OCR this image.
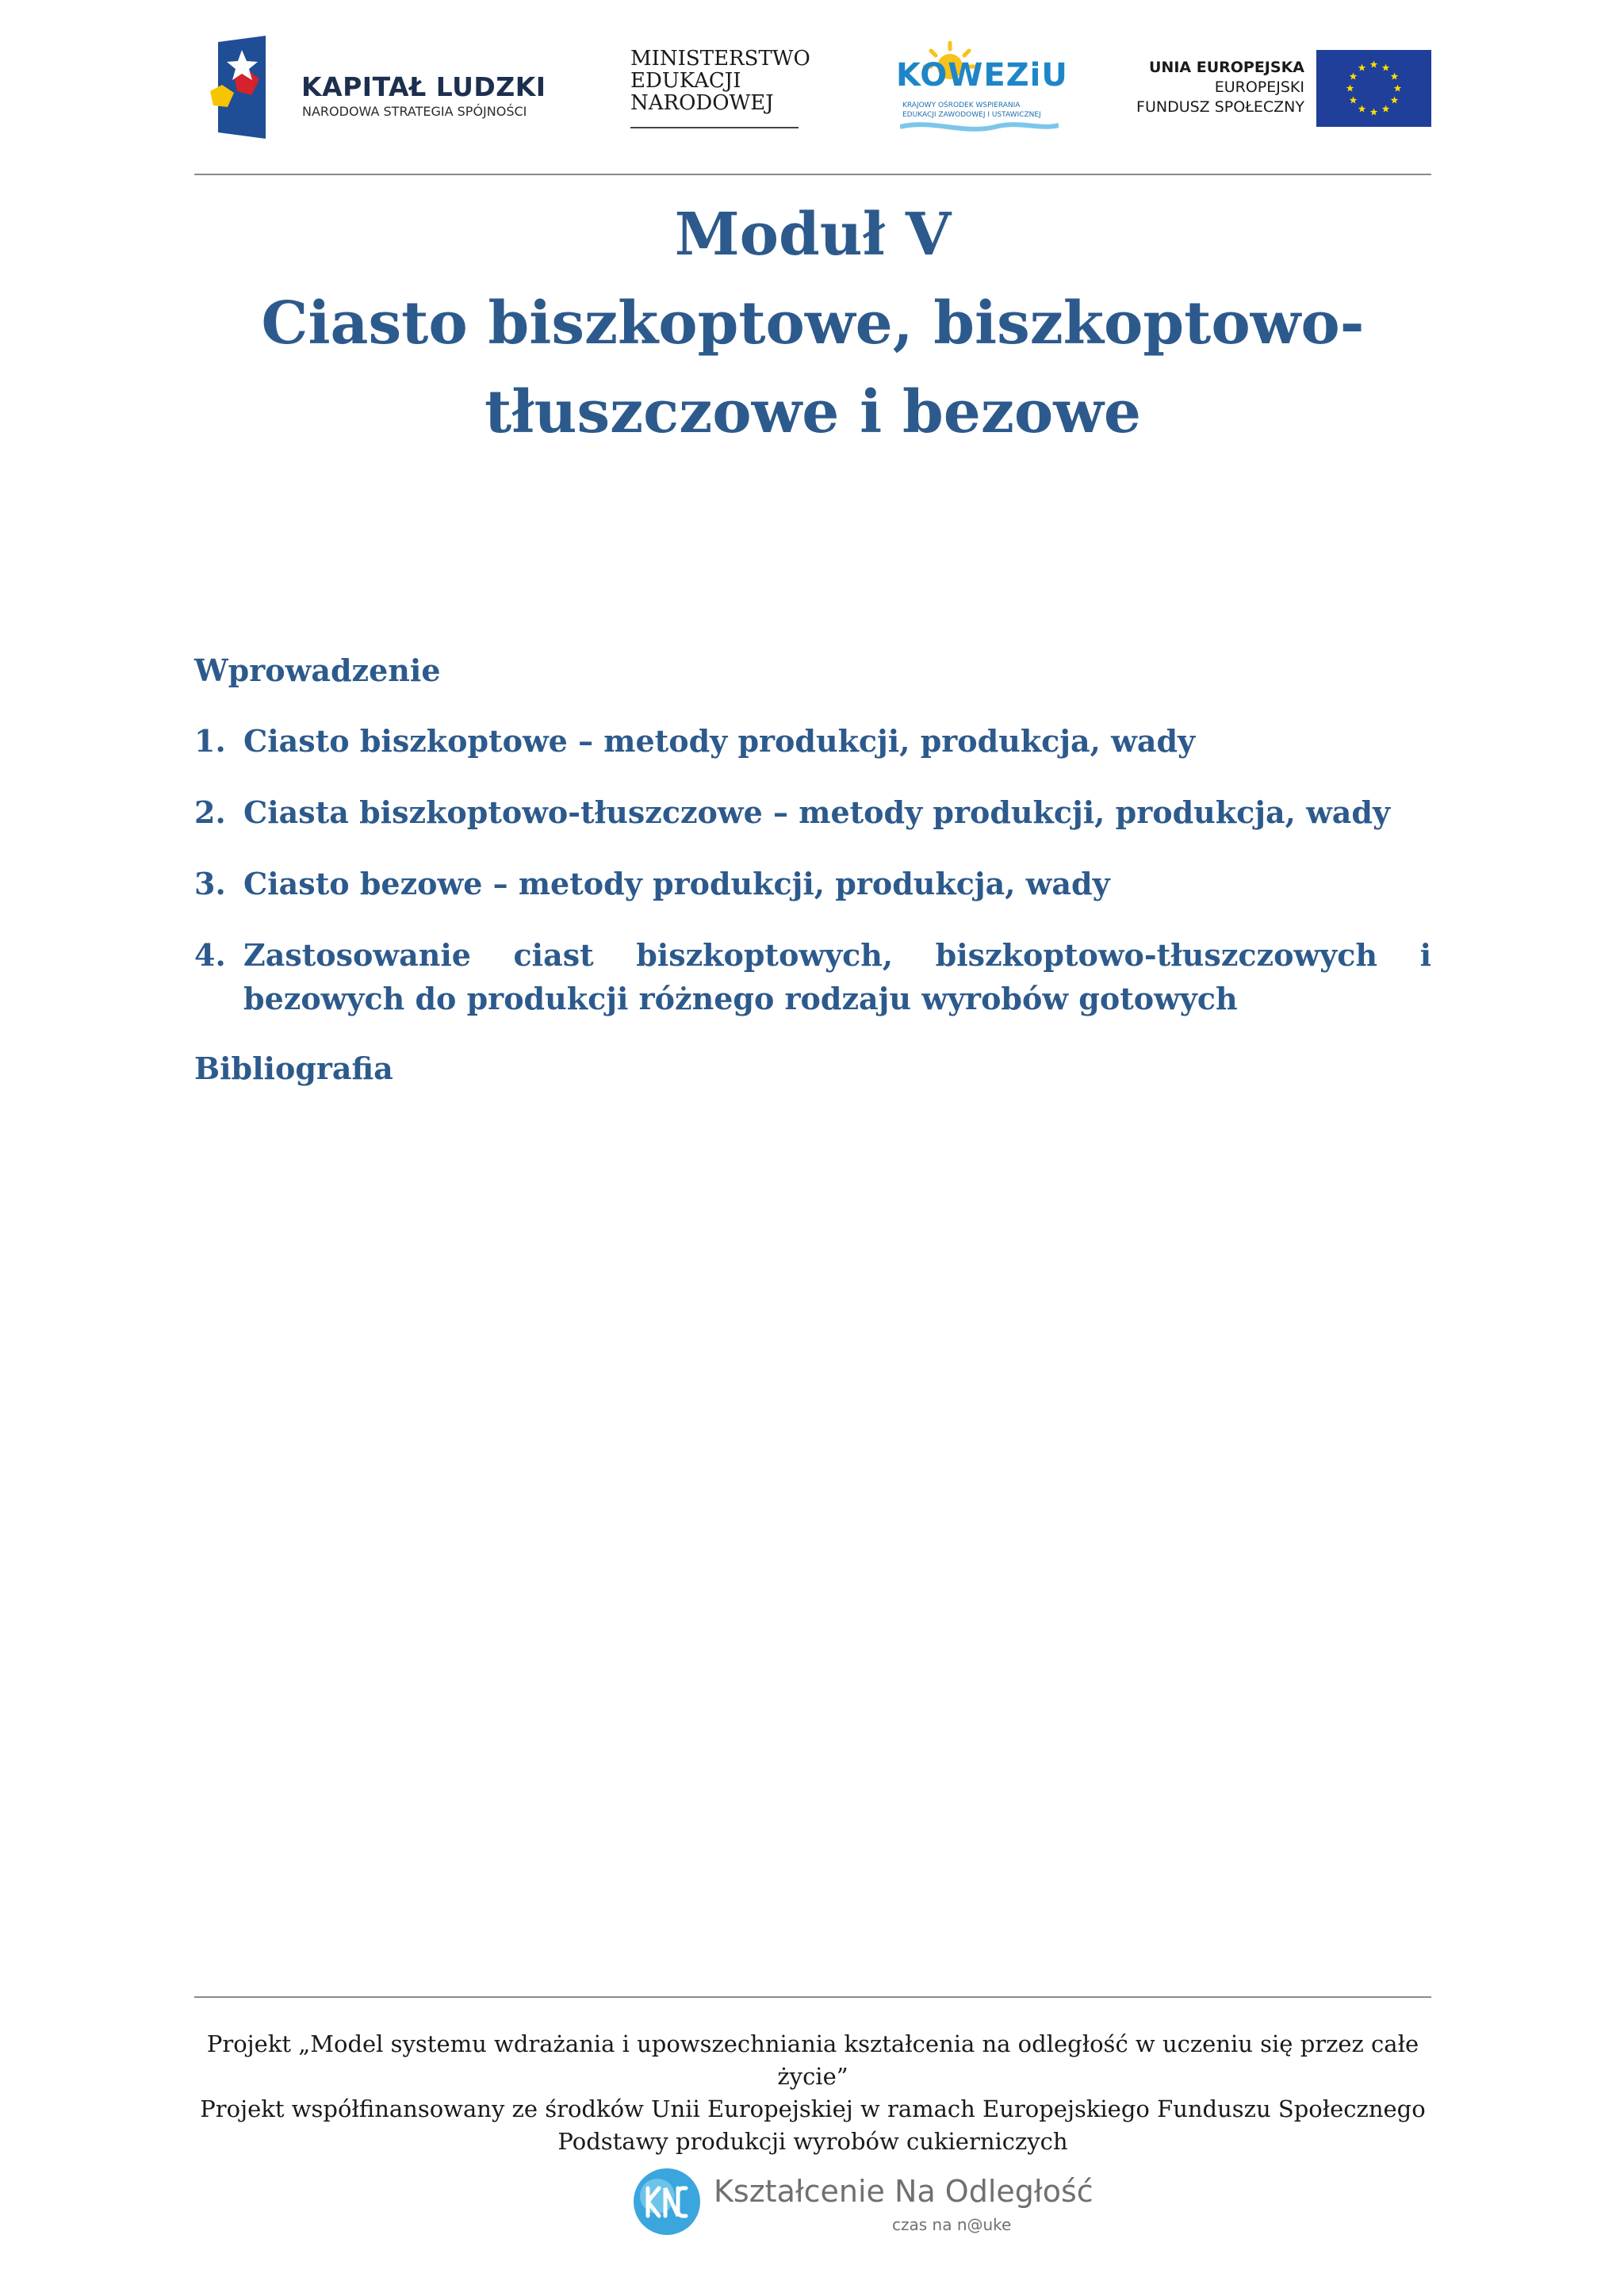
KAPITAŁ LUDZKI
NARODOWA STRATEGIA SPÓJNOŚCI
MINISTERSTWO
EDUKACJI
NARODOWEJ
KOWEZiU
KRAJOWY OŚRODEK WSPIERANIA
EDUKACJI ZAWODOWEJ I USTAWICZNEJ
UNIA EUROPEJSKA
EUROPEJSKI
FUNDUSZ SPOŁECZNY
Moduł V
Ciasto biszkoptowe, biszkoptowo-
tłuszczowe i bezowe

Wprowadzenie

1. Ciasto biszkoptowe – metody produkcji, produkcja, wady
2. Ciasta biszkoptowo-tłuszczowe – metody produkcji, produkcja, wady
3. Ciasto bezowe – metody produkcji, produkcja, wady
4. Zastosowanie ciast biszkoptowych, biszkoptowo-tłuszczowych i bezowych do produkcji różnego rodzaju wyrobów gotowych

Bibliografia

Projekt „Model systemu wdrażania i upowszechniania kształcenia na odległość w uczeniu się przez całe życie”
Projekt współfinansowany ze środków Unii Europejskiej w ramach Europejskiego Funduszu Społecznego
Podstawy produkcji wyrobów cukierniczych
Kształcenie Na Odległość
czas na n@uke
